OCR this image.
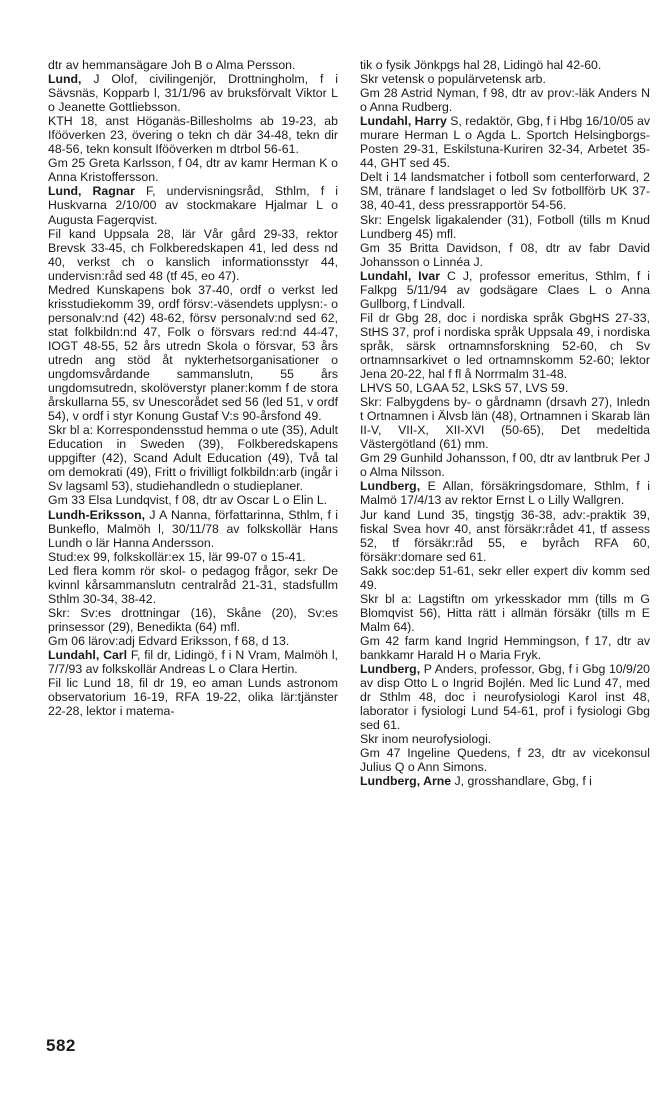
dtr av hemmansägare Joh B o Alma Persson.

Lund, J Olof, civilingenjör, Drottningholm, f i Sävsnäs, Kopparb l, 31/1/96 av bruksförvalt Viktor L o Jeanette Gottliebsson.

KTH 18, anst Höganäs-Billesholms ab 19-23, ab Ifööverken 23, övering o tekn ch där 34-48, tekn dir 48-56, tekn konsult Ifööverken m dtrbol 56-61.

Gm 25 Greta Karlsson, f 04, dtr av kamr Herman K o Anna Kristoffersson.

Lund, Ragnar F, undervisningsråd, Sthlm, f i Huskvarna 2/10/00 av stockmakare Hjalmar L o Augusta Fagerqvist.

Fil kand Uppsala 28, lär Vår gård 29-33, rektor Brevsk 33-45, ch Folkberedskapen 41, led dess nd 40, verkst ch o kanslich informationsstyr 44, undervisn:råd sed 48 (tf 45, eo 47).

Medred Kunskapens bok 37-40, ordf o verkst led krisstudiekomm 39, ordf försv:-väsendets upplysn:- o personalv:nd (42) 48-62, försv personalv:nd sed 62, stat folkbildn:nd 47, Folk o försvars red:nd 44-47, IOGT 48-55, 52 års utredn Skola o försvar, 53 års utredn ang stöd åt nykterhetsorganisationer o ungdomsvårdande sammanslutn, 55 års ungdomsutredn, skolöverstyr planer:komm f de stora årskullarna 55, sv Unescorådet sed 56 (led 51, v ordf 54), v ordf i styr Konung Gustaf V:s 90-årsfond 49.

Skr bl a: Korrespondensstud hemma o ute (35), Adult Education in Sweden (39), Folkberedskapens uppgifter (42), Scand Adult Education (49), Två tal om demokrati (49), Fritt o frivilligt folkbildn:arb (ingår i Sv lagsaml 53), studiehandledn o studieplaner.

Gm 33 Elsa Lundqvist, f 08, dtr av Oscar L o Elin L.

Lundh-Eriksson, J A Nanna, författarinna, Sthlm, f i Bunkeflo, Malmöh l, 30/11/78 av folkskollär Hans Lundh o lär Hanna Andersson.

Stud:ex 99, folkskollär:ex 15, lär 99-07 o 15-41.

Led flera komm rör skol- o pedagog frågor, sekr De kvinnl kårsammanslutn centralråd 21-31, stadsfullm Sthlm 30-34, 38-42.

Skr: Sv:es drottningar (16), Skåne (20), Sv:es prinsessor (29), Benedikta (64) mfl.

Gm 06 lärov:adj Edvard Eriksson, f 68, d 13.

Lundahl, Carl F, fil dr, Lidingö, f i N Vram, Malmöh l, 7/7/93 av folkskollär Andreas L o Clara Hertin.

Fil lic Lund 18, fil dr 19, eo aman Lunds astronom observatorium 16-19, RFA 19-22, olika lär:tjänster 22-28, lektor i matema-

tik o fysik Jönkpgs hal 28, Lidingö hal 42-60.

Skr vetensk o populärvetensk arb.

Gm 28 Astrid Nyman, f 98, dtr av prov:-läk Anders N o Anna Rudberg.

Lundahl, Harry S, redaktör, Gbg, f i Hbg 16/10/05 av murare Herman L o Agda L. Sportch Helsingborgs-Posten 29-31, Eskilstuna-Kuriren 32-34, Arbetet 35-44, GHT sed 45.

Delt i 14 landsmatcher i fotboll som centerforward, 2 SM, tränare f landslaget o led Sv fotbollförb UK 37-38, 40-41, dess pressrapportör 54-56.

Skr: Engelsk ligakalender (31), Fotboll (tills m Knud Lundberg 45) mfl.

Gm 35 Britta Davidson, f 08, dtr av fabr David Johansson o Linnéa J.

Lundahl, Ivar C J, professor emeritus, Sthlm, f i Falkpg 5/11/94 av godsägare Claes L o Anna Gullborg, f Lindvall.

Fil dr Gbg 28, doc i nordiska språk GbgHS 27-33, StHS 37, prof i nordiska språk Uppsala 49, i nordiska språk, särsk ortnamnsforskning 52-60, ch Sv ortnamnsarkivet o led ortnamnskomm 52-60; lektor Jena 20-22, hal f fl å Norrmalm 31-48.

LHVS 50, LGAA 52, LSkS 57, LVS 59.

Skr: Falbygdens by- o gårdnamn (drsavh 27), Inledn t Ortnamnen i Älvsb län (48), Ortnamnen i Skarab län II-V, VII-X, XII-XVI (50-65), Det medeltida Västergötland (61) mm.

Gm 29 Gunhild Johansson, f 00, dtr av lantbruk Per J o Alma Nilsson.

Lundberg, E Allan, försäkringsdomare, Sthlm, f i Malmö 17/4/13 av rektor Ernst L o Lilly Wallgren.

Jur kand Lund 35, tingstjg 36-38, adv:-praktik 39, fiskal Svea hovr 40, anst försäkr:rådet 41, tf assess 52, tf försäkr:råd 55, e byråch RFA 60, försäkr:domare sed 61.

Sakk soc:dep 51-61, sekr eller expert div komm sed 49.

Skr bl a: Lagstiftn om yrkesskador mm (tills m G Blomqvist 56), Hitta rätt i allmän försäkr (tills m E Malm 64).

Gm 42 farm kand Ingrid Hemmingson, f 17, dtr av bankkamr Harald H o Maria Fryk.

Lundberg, P Anders, professor, Gbg, f i Gbg 10/9/20 av disp Otto L o Ingrid Bojlén. Med lic Lund 47, med dr Sthlm 48, doc i neurofysiologi Karol inst 48, laborator i fysiologi Lund 54-61, prof i fysiologi Gbg sed 61.

Skr inom neurofysiologi.

Gm 47 Ingeline Quedens, f 23, dtr av vicekonsul Julius Q o Ann Simons.

Lundberg, Arne J, grosshandlare, Gbg, f i

582
